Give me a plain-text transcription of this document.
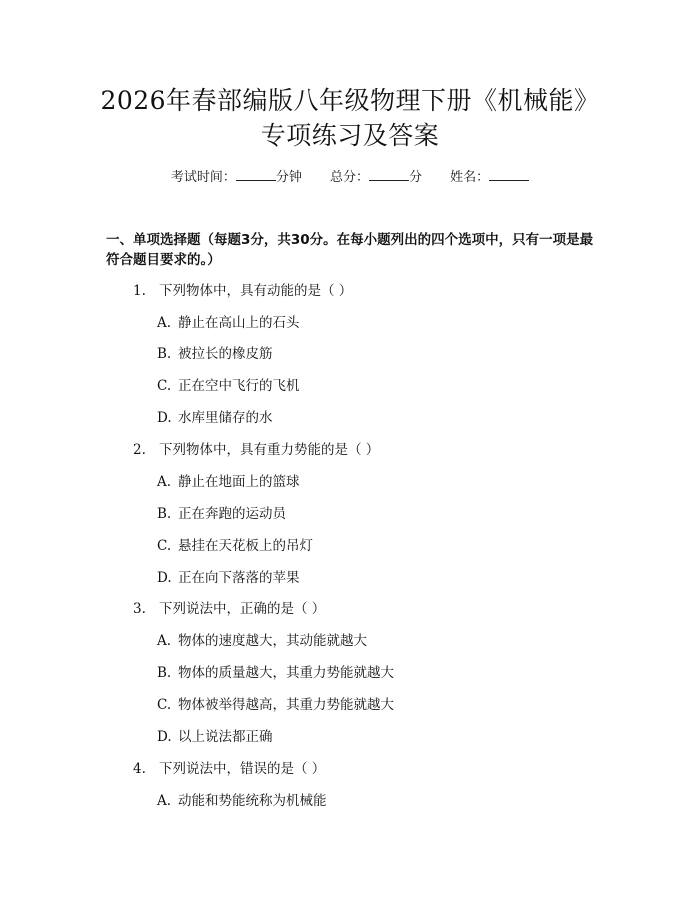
2026年春部编版八年级物理下册《机械能》
专项练习及答案
考试时间：	分钟 总分：	分 姓名：
一、单项选择题（每题3分，共30分。在每小题列出的四个选项中，只有一项是最符合题目要求的。）
1. 下列物体中，具有动能的是（ ）
A. 静止在高山上的石头
B. 被拉长的橡皮筋
C. 正在空中飞行的飞机
D. 水库里储存的水
2. 下列物体中，具有重力势能的是（ ）
A. 静止在地面上的篮球
B. 正在奔跑的运动员
C. 悬挂在天花板上的吊灯
D. 正在向下落落的苹果
3. 下列说法中，正确的是（ ）
A. 物体的速度越大，其动能就越大
B. 物体的质量越大，其重力势能就越大
C. 物体被举得越高，其重力势能就越大
D. 以上说法都正确
4. 下列说法中，错误的是（ ）
A. 动能和势能统称为机械能
